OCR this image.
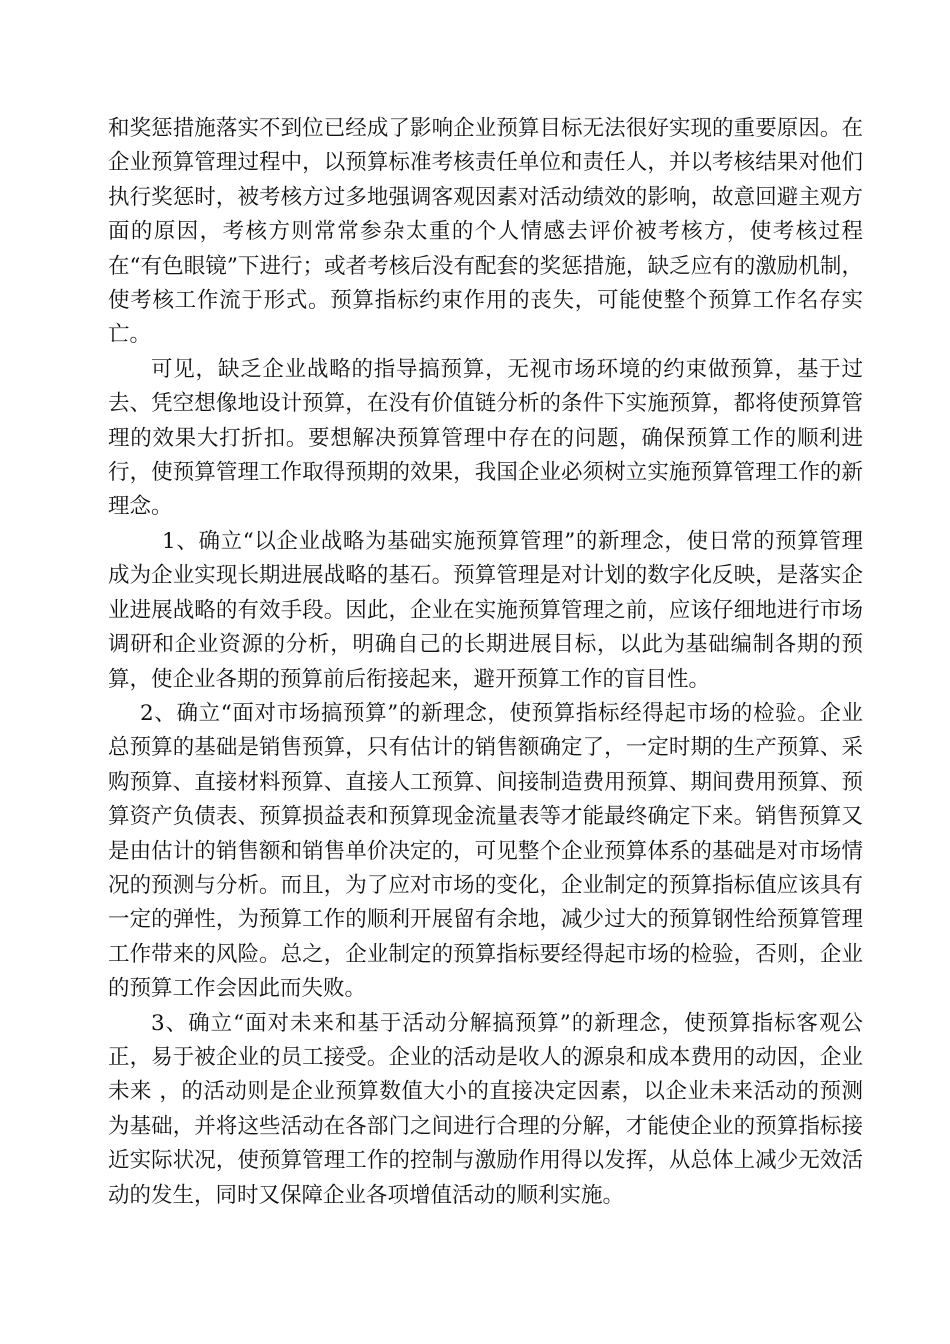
和奖惩措施落实不到位已经成了影响企业预算目标无法很好实现的重要原因。在企业预算管理过程中，以预算标准考核责任单位和责任人，并以考核结果对他们执行奖惩时，被考核方过多地强调客观因素对活动绩效的影响，故意回避主观方面的原因，考核方则常常参杂太重的个人情感去评价被考核方，使考核过程在“有色眼镜”下进行；或者考核后没有配套的奖惩措施，缺乏应有的激励机制，使考核工作流于形式。预算指标约束作用的丧失，可能使整个预算工作名存实亡。

可见，缺乏企业战略的指导搞预算，无视市场环境的约束做预算，基于过去、凭空想像地设计预算，在没有价值链分析的条件下实施预算，都将使预算管理的效果大打折扣。要想解决预算管理中存在的问题，确保预算工作的顺利进行，使预算管理工作取得预期的效果，我国企业必须树立实施预算管理工作的新理念。

1、确立“以企业战略为基础实施预算管理”的新理念，使日常的预算管理成为企业实现长期进展战略的基石。预算管理是对计划的数字化反映，是落实企业进展战略的有效手段。因此，企业在实施预算管理之前，应该仔细地进行市场调研和企业资源的分析，明确自己的长期进展目标，以此为基础编制各期的预算，使企业各期的预算前后衔接起来，避开预算工作的盲目性。

2、确立“面对市场搞预算”的新理念，使预算指标经得起市场的检验。企业总预算的基础是销售预算，只有估计的销售额确定了，一定时期的生产预算、采购预算、直接材料预算、直接人工预算、间接制造费用预算、期间费用预算、预算资产负债表、预算损益表和预算现金流量表等才能最终确定下来。销售预算又是由估计的销售额和销售单价决定的，可见整个企业预算体系的基础是对市场情况的预测与分析。而且，为了应对市场的变化，企业制定的预算指标值应该具有一定的弹性，为预算工作的顺利开展留有余地，减少过大的预算钢性给预算管理工作带来的风险。总之，企业制定的预算指标要经得起市场的检验，否则，企业的预算工作会因此而失败。

3、确立“面对未来和基于活动分解搞预算”的新理念，使预算指标客观公正，易于被企业的员工接受。企业的活动是收人的源泉和成本费用的动因，企业未来 ，的活动则是企业预算数值大小的直接决定因素，以企业未来活动的预测为基础，并将这些活动在各部门之间进行合理的分解，才能使企业的预算指标接近实际状况，使预算管理工作的控制与激励作用得以发挥，从总体上减少无效活动的发生，同时又保障企业各项增值活动的顺利实施。
